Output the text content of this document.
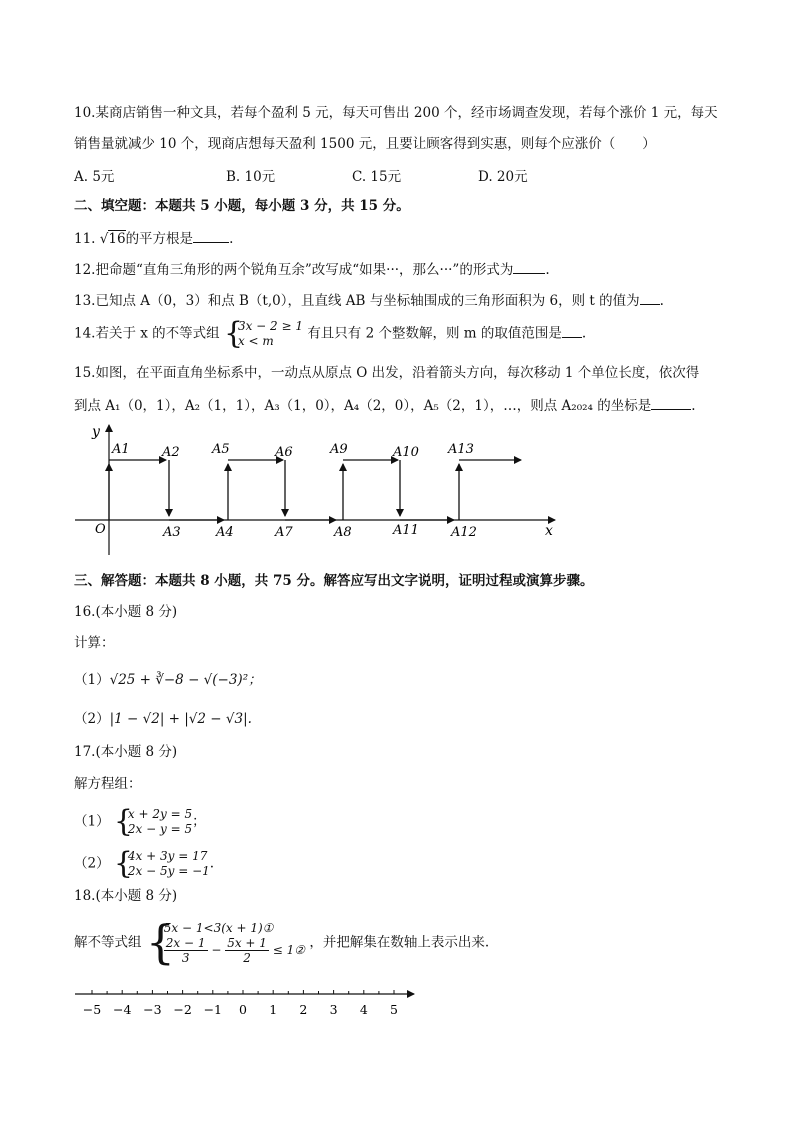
10.某商店销售一种文具，若每个盈利 5 元，每天可售出 200 个，经市场调查发现，若每个涨价 1 元，每天
销售量就减少 10 个，现商店想每天盈利 1500 元，且要让顾客得到实惠，则每个应涨价（　　）
A. 5元	B. 10元	C. 15元	D. 20元
二、填空题：本题共 5 小题，每小题 3 分，共 15 分。
11. √16的平方根是	.
12.把命题“直角三角形的两个锐角互余”改写成“如果···，那么···”的形式为 .
13.已知点 A（0，3）和点 B（t,0），且直线 AB 与坐标轴围成的三角形面积为 6，则 t 的值为 .
14.若关于 x 的不等式组 {
3x − 2 ≥ 1
x < m	有且只有 2 个整数解，则 m 的取值范围是 .
15.如图，在平面直角坐标系中，一动点从原点 O 出发，沿着箭头方向，每次移动 1 个单位长度，依次得
到点 A₁（0，1），A₂（1，1），A₃（1，0），A₄（2，0），A₅（2，1），…，则点 A₂₀₂₄ 的坐标是	.
y
x
O
A1 A2
A3	A4
A5	A6
A7	A8
A9	A10
A11 A12
A13
三、解答题：本题共 8 小题，共 75 分。解答应写出文字说明，证明过程或演算步骤。
16.(本小题 8 分)
计算：
（1）√25 + ∛−8 − √(−3)²；
（2）|1 − √2| + |√2 − √3|.
17.(本小题 8 分)
解方程组：
（1） {
x + 2y = 5
2x − y = 5 ；
（2） {
4x + 3y = 17
2x − 5y = −1 .
18.(本小题 8 分)
解不等式组 {
5x − 1<3(x + 1)①
$\frac{2x - 1}{3} - \frac{5x + 1}{2}$ ≤ 1② ，并把解集在数轴上表示出来.
−5 −4 −3 −2 −1 0 1 2 3 4 5
